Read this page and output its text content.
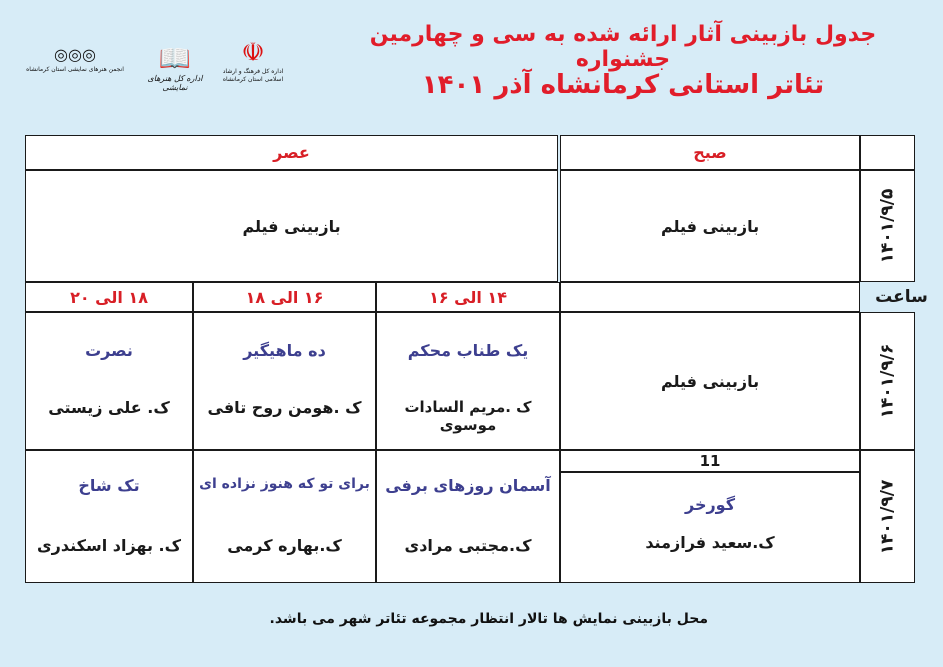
جدول بازبینی آثار ارائه شده به سی و چهارمین جشنواره
تئاتر استانی کرمانشاه آذر ۱۴۰۱
☫
اداره کل فرهنگ و ارشاد اسلامی استان کرمانشاه
📖
اداره کل هنرهای نمایشی
◎◎◎
انجمن هنرهای نمایشی استان کرمانشاه
صبح
عصر
۱۴۰۱/۹/۵
بازبینی فیلم
بازبینی فیلم
ساعت
۱۴ الی ۱۶
۱۶ الی ۱۸
۱۸ الی ۲۰
۱۴۰۱/۹/۶
بازبینی فیلم
یک طناب محکم
ک .مریم السادات موسوی
ده ماهیگیر
ک .هومن روح تافی
نصرت
ک. علی زیستی
۱۴۰۱/۹/۷
11
گورخر
ک.سعید فرازمند
آسمان روزهای برفی
ک.مجتبی مرادی
برای تو که هنوز نزاده ای
ک.بهاره کرمی
تک شاخ
ک. بهزاد اسکندری
محل بازبینی نمایش ها تالار انتظار مجموعه تئاتر شهر می باشد.
